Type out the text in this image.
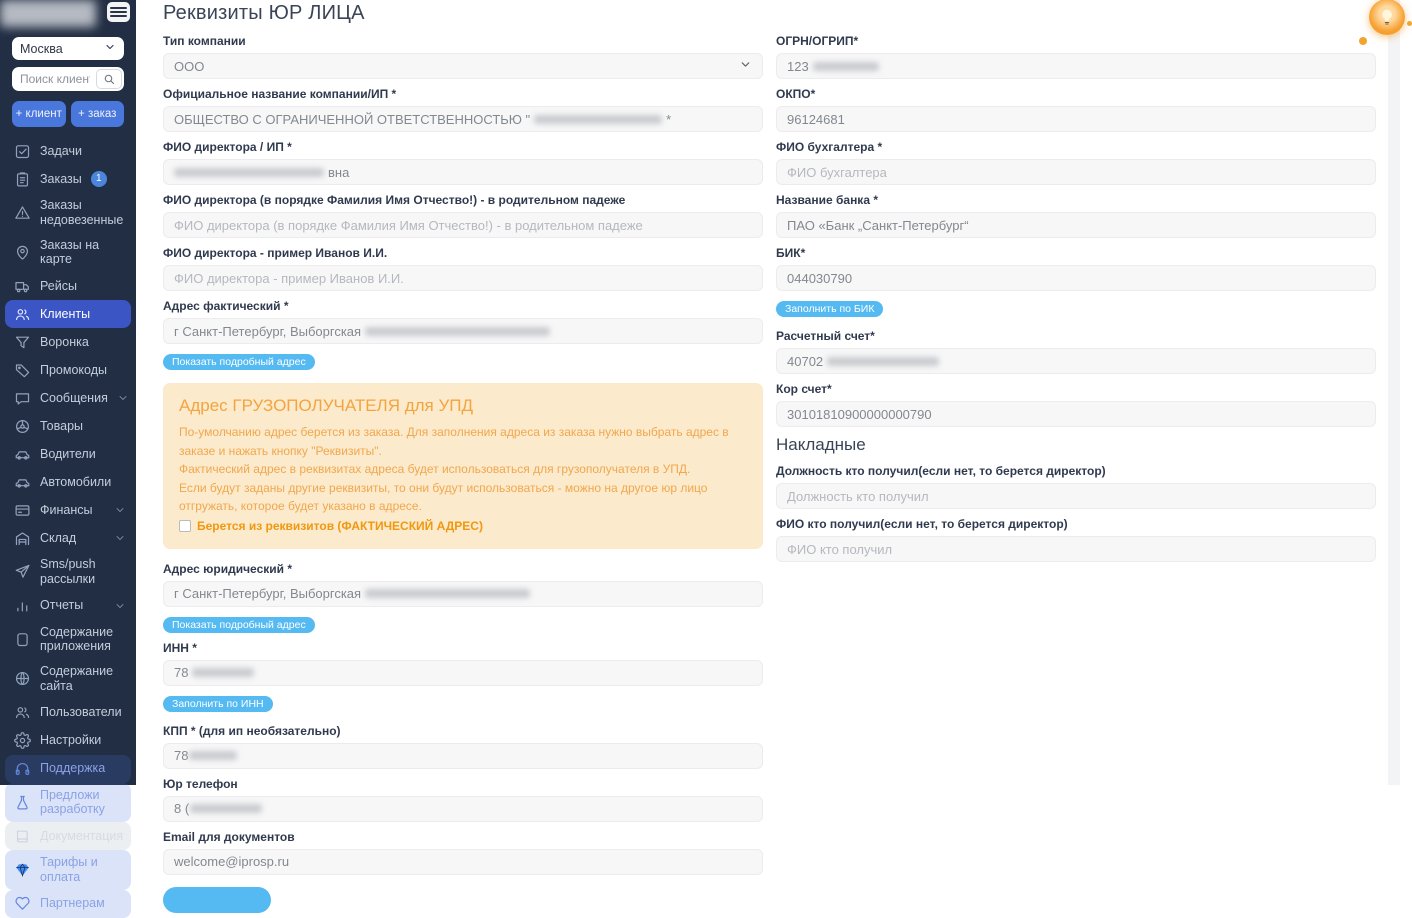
Москва
Поиск клиента
+ клиент	+ заказ
Задачи
Заказы	1
Заказы недовезенные
Заказы на карте
Рейсы
Клиенты
Воронка
Промокоды
Сообщения
Товары
Водители
Автомобили
Финансы
Склад
Sms/push рассылки
Отчеты
Содержание приложения
Содержание сайта
Пользователи
Настройки
Поддержка
Предложи разработку
Документация
Тарифы и оплата
Партнерам
Реквизиты ЮР ЛИЦА
Тип компании
ООО
Официальное название компании/ИП *
ОБЩЕСТВО С ОГРАНИЧЕННОЙ ОТВЕТСТВЕННОСТЬЮ "	*
ФИО директора / ИП *
вна
ФИО директора (в порядке Фамилия Имя Отчество!) - в родительном падеже
ФИО директора (в порядке Фамилия Имя Отчество!) - в родительном падеже
ФИО директора - пример Иванов И.И.
ФИО директора - пример Иванов И.И.
Адрес фактический *
г Санкт-Петербург, Выборгская
Показать подробный адрес
Адрес ГРУЗОПОЛУЧАТЕЛЯ для УПД
По-умолчанию адрес берется из заказа. Для заполнения адреса из заказа нужно выбрать адрес в заказе и нажать кнопку "Реквизиты".
Фактический адрес в реквизитах адреса будет использоваться для грузополучателя в УПД.
Если будут заданы другие реквизиты, то они будут использоваться - можно на другое юр лицо отгружать, которое будет указано в адресе.
Берется из реквизитов (ФАКТИЧЕСКИЙ АДРЕС)
Адрес юридический *
г Санкт-Петербург, Выборгская
Показать подробный адрес
ИНН *
78
Заполнить по ИНН
КПП * (для ип необязательно)
78
Юр телефон
8 (
Email для документов
welcome@iprosp.ru
ОГРН/ОГРИП*
123
ОКПО*
96124681
ФИО бухгалтера *
ФИО бухгалтера
Название банка *
ПАО «Банк „Санкт-Петербург“
БИК*
044030790
Заполнить по БИК
Расчетный счет*
40702
Кор счет*
30101810900000000790
Накладные
Должность кто получил(если нет, то берется директор)
Должность кто получил
ФИО кто получил(если нет, то берется директор)
ФИО кто получил
